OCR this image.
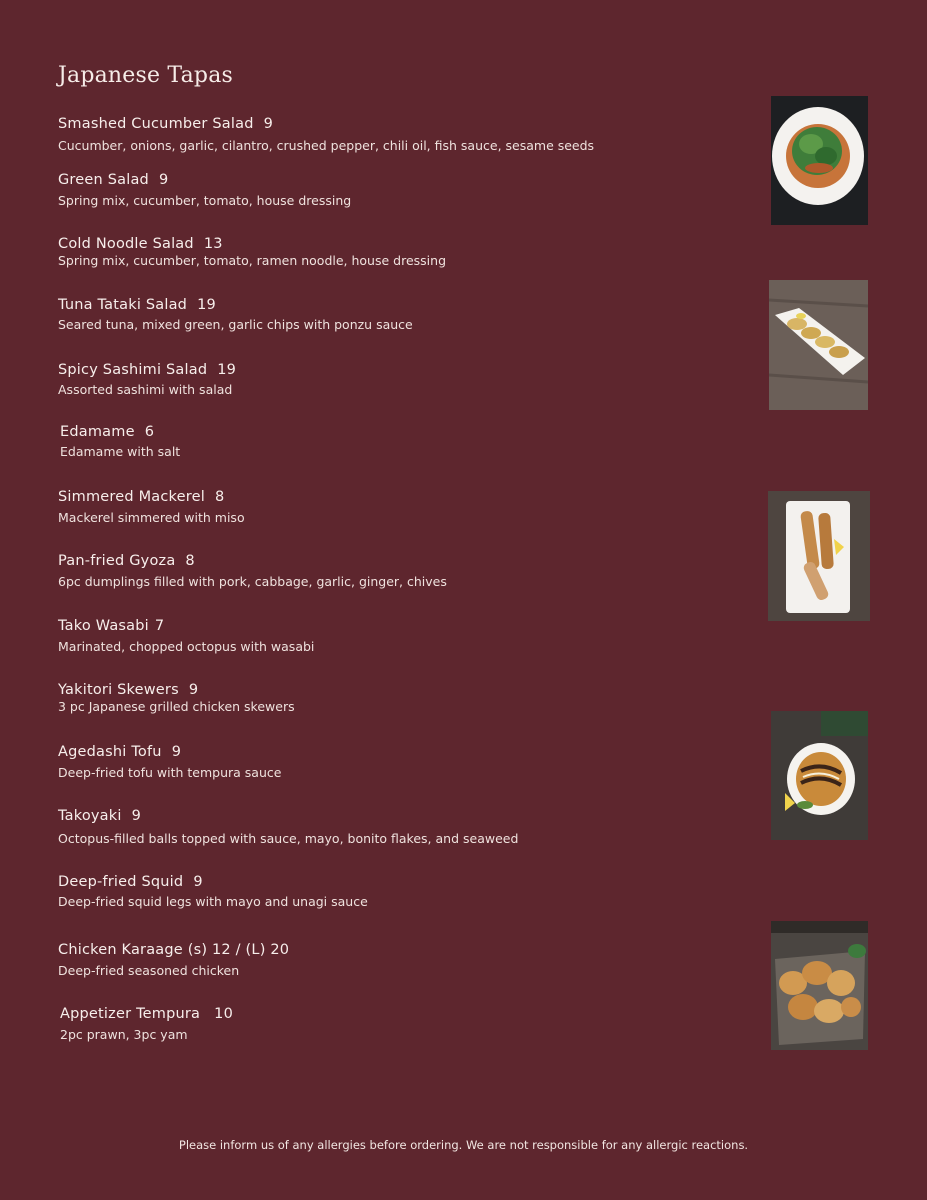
Japanese Tapas
Smashed Cucumber Salad 9
Cucumber, onions, garlic, cilantro, crushed pepper, chili oil, fish sauce, sesame seeds
Green Salad 9
Spring mix, cucumber, tomato, house dressing
Cold Noodle Salad 13
Spring mix, cucumber, tomato, ramen noodle, house dressing
Tuna Tataki Salad 19
Seared tuna, mixed green, garlic chips with ponzu sauce
Spicy Sashimi Salad 19
Assorted sashimi with salad
Edamame 6
Edamame with salt
Simmered Mackerel 8
Mackerel simmered with miso
Pan-fried Gyoza 8
6pc dumplings filled with pork, cabbage, garlic, ginger, chives
Tako Wasabi 7
Marinated, chopped octopus with wasabi
Yakitori Skewers 9
3 pc Japanese grilled chicken skewers
Agedashi Tofu 9
Deep-fried tofu with tempura sauce
Takoyaki 9
Octopus-filled balls topped with sauce, mayo, bonito flakes, and seaweed
Deep-fried Squid 9
Deep-fried squid legs with mayo and unagi sauce
Chicken Karaage (s) 12 / (L) 20
Deep-fried seasoned chicken
Appetizer Tempura 10
2pc prawn, 3pc yam
Please inform us of any allergies before ordering. We are not responsible for any allergic reactions.
